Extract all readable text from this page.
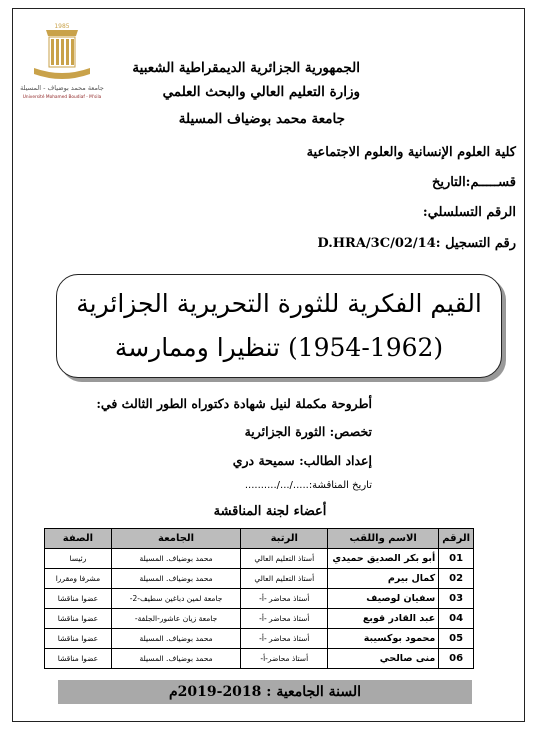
1985
جامعة محمد بوضياف - المسيلة
Université Mohamed Boudiaf - M'sila
الجمهورية الجزائرية الديمقراطية الشعبية
وزارة التعليم العالي والبحث العلمي
جامعة محمد بوضياف المسيلة
كلية العلوم الإنسانية والعلوم الاجتماعية
قســـــم:التاريخ
الرقم التسلسلي:
رقم التسجيل :D.HRA/3C/02/14
القيم الفكرية للثورة التحريرية الجزائرية
(1954-1962) تنظيرا وممارسة
أطروحة مكملة لنيل شهادة دكتوراه الطور الثالث في:
تخصص: الثورة الجزائرية
إعداد الطالب: سميحة دري
تاريخ المناقشة:...../.../..........
أعضاء لجنة المناقشة
الرقم	الاسم واللقب	الرتبة	الجامعة	الصفة
01	أبو بكر الصديق حميدي	أستاذ التعليم العالي	محمد بوضياف. المسيلة	رئيسا
02	كمال بيرم	أستاذ التعليم العالي	محمد بوضياف. المسيلة	مشرفا ومقررا
03	سفيان لوصيف	أستاذ محاضر -أ-	جامعة لمين دباغين سطيف-2-	عضوا مناقشا
04	عبد القادر قوبع	أستاذ محاضر -أ-	جامعة زيان عاشور-الجلفة-	عضوا مناقشا
05	محمود بوكسيبة	أستاذ محاضر -أ-	محمد بوضياف. المسيلة	عضوا مناقشا
06	منى صالحي	أستاذ محاضر-أ-	محمد بوضياف. المسيلة	عضوا مناقشا
السنة الجامعية : 2018-2019م
